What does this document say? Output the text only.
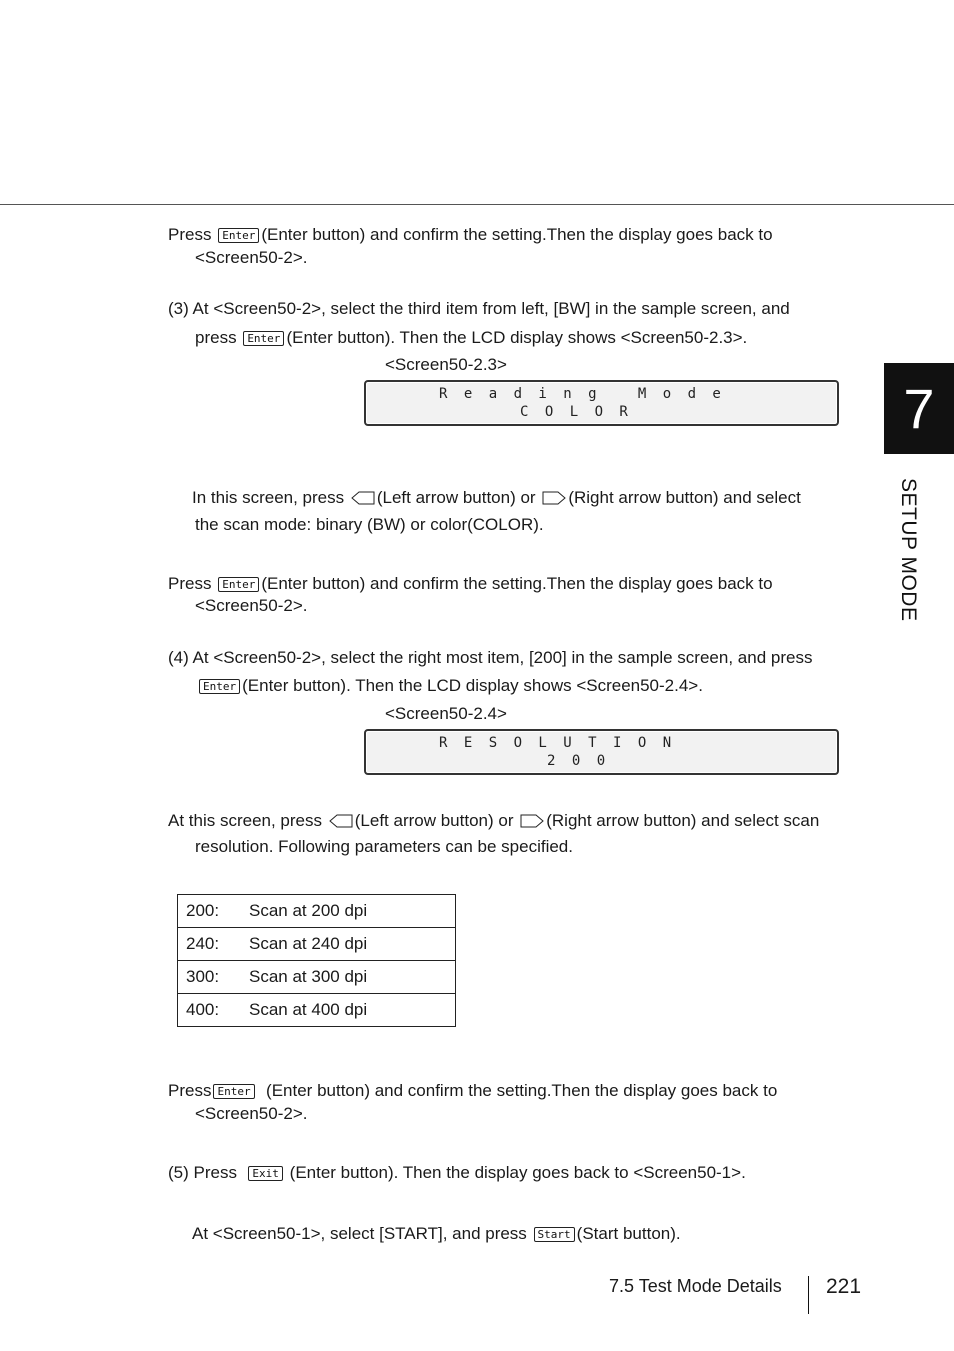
7
SETUP MODE
Press Enter (Enter button) and confirm the setting.Then the display goes back to
<Screen50-2>.
(3) At <Screen50-2>, select the third item from left, [BW] in the sample screen, and
press Enter (Enter button). Then the LCD display shows <Screen50-2.3>.
<Screen50-2.3>
R e a d i n g   M o d e
C O L O R
In this screen, press (Left arrow button) or (Right arrow button) and select
the scan mode: binary (BW) or color(COLOR).
Press Enter (Enter button) and confirm the setting.Then the display goes back to
<Screen50-2>.
(4) At <Screen50-2>, select the right most item, [200] in the sample screen, and press
Enter (Enter button). Then the LCD display shows <Screen50-2.4>.
<Screen50-2.4>
R E S O L U T I O N
2 0 0
At this screen, press (Left arrow button) or (Right arrow button) and select scan
resolution. Following parameters can be specified.
200:	Scan at 200 dpi
240:	Scan at 240 dpi
300:	Scan at 300 dpi
400:	Scan at 400 dpi
Press Enter (Enter button) and confirm the setting.Then the display goes back to
<Screen50-2>.
(5) Press Exit (Enter button). Then the display goes back to <Screen50-1>.
At <Screen50-1>, select [START], and press Start (Start button).
7.5 Test Mode Details 221
